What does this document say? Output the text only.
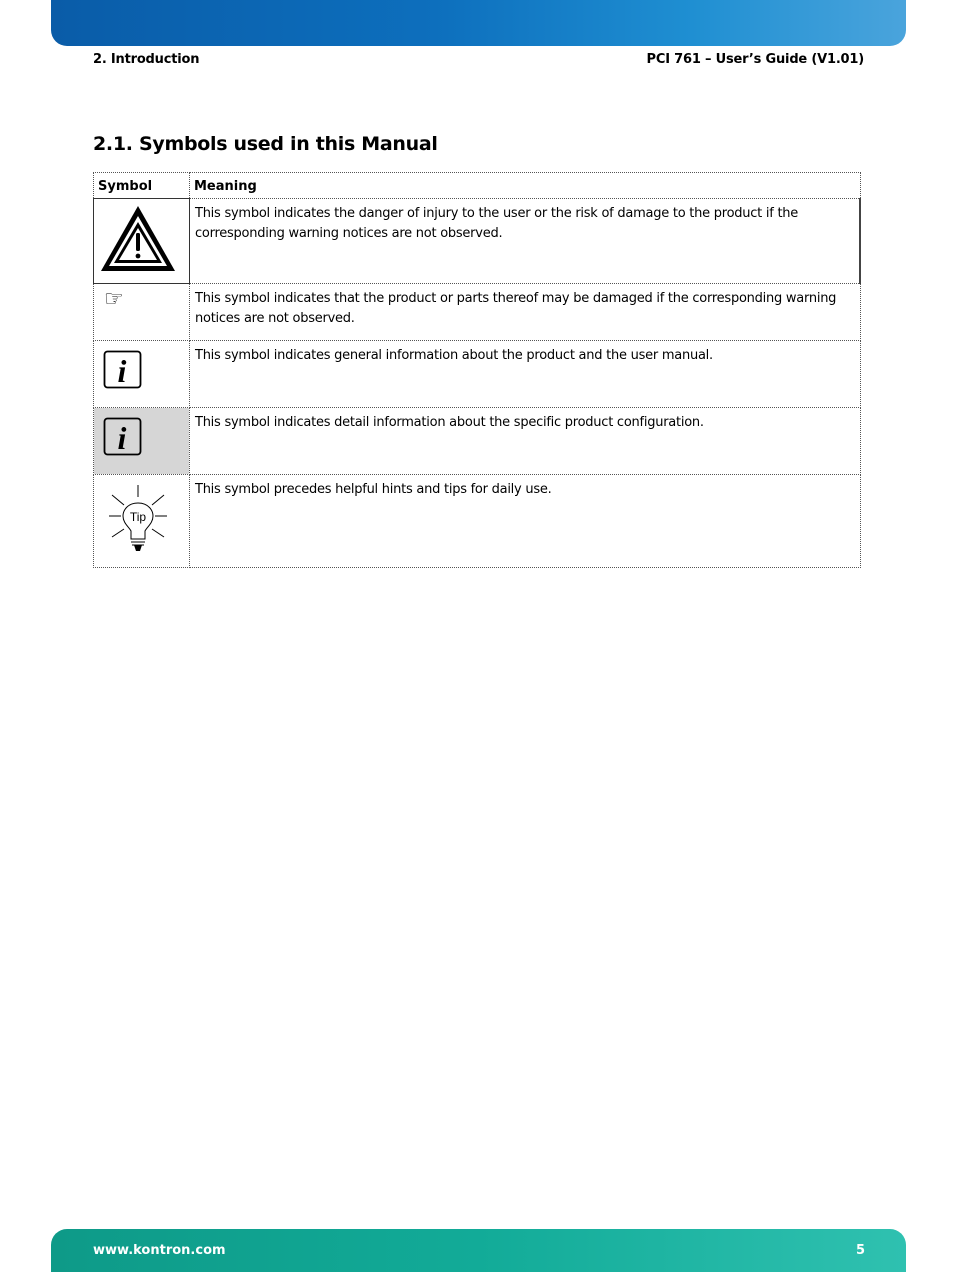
2. Introduction	PCI 761 – User’s Guide (V1.01)
2.1. Symbols used in this Manual
Symbol	Meaning

	This symbol indicates the danger of injury to the user or the risk of damage to the product if the corresponding warning notices are not observed.

☞	This symbol indicates that the product or parts thereof may be damaged if the corresponding warning notices are not observed.

i	This symbol indicates general information about the product and the user manual.

i	This symbol indicates detail information about the specific product configuration.

Tip	This symbol precedes helpful hints and tips for daily use.
www.kontron.com	5
